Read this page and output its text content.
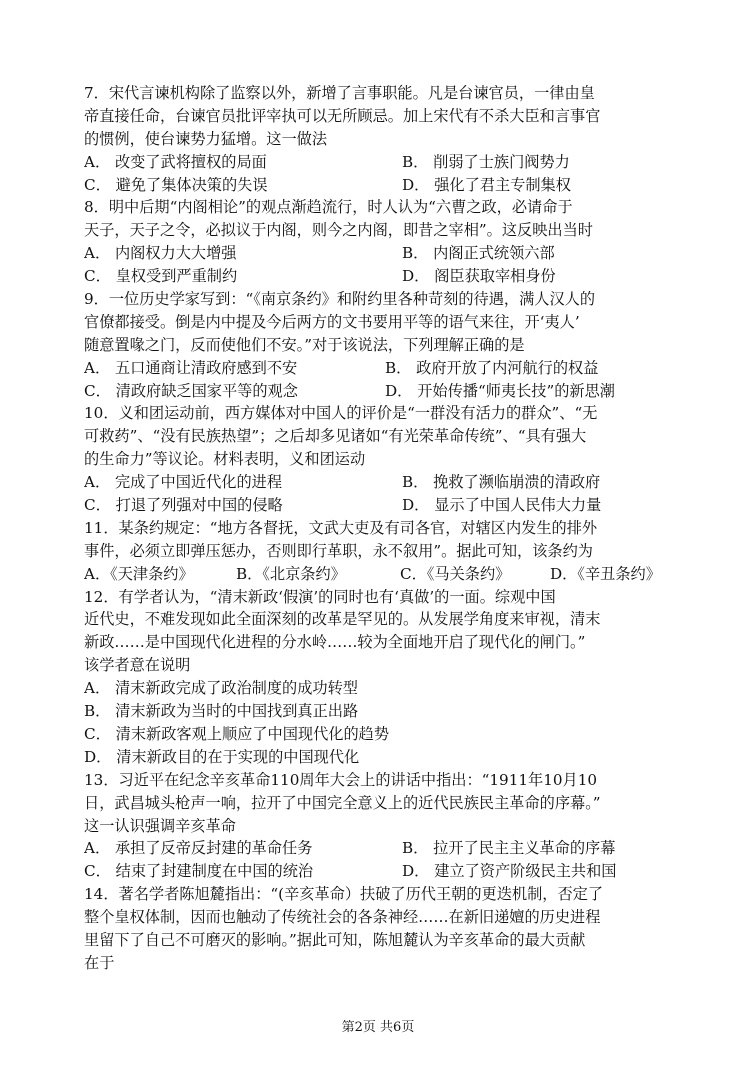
7．宋代言谏机构除了监察以外，新增了言事职能。凡是台谏官员，一律由皇
帝直接任命，台谏官员批评宰执可以无所顾忌。加上宋代有不杀大臣和言事官
的惯例，使台谏势力猛增。这一做法
A． 改变了武将擅权的局面	B． 削弱了士族门阀势力
C． 避免了集体决策的失误	D． 强化了君主专制集权
8．明中后期“内阁相论”的观点渐趋流行，时人认为“六曹之政，必请命于
天子，天子之令，必拟议于内阁，则今之内阁，即昔之宰相”。这反映出当时
A． 内阁权力大大增强	B． 内阁正式统领六部
C． 皇权受到严重制约	D． 阁臣获取宰相身份
9．一位历史学家写到：“《南京条约》和附约里各种苛刻的待遇，满人汉人的
官僚都接受。倒是内中提及今后两方的文书要用平等的语气来往，开‘夷人’
随意置喙之门，反而使他们不安。”对于该说法，下列理解正确的是
A． 五口通商让清政府感到不安	B． 政府开放了内河航行的权益
C． 清政府缺乏国家平等的观念	D． 开始传播“师夷长技”的新思潮
10．义和团运动前，西方媒体对中国人的评价是“一群没有活力的群众”、“无
可救药”、“没有民族热望”；之后却多见诸如“有光荣革命传统”、“具有强大
的生命力”等议论。材料表明，义和团运动
A． 完成了中国近代化的进程	B． 挽救了濒临崩溃的清政府
C． 打退了列强对中国的侵略	D． 显示了中国人民伟大力量
11．某条约规定：“地方各督抚，文武大吏及有司各官，对辖区内发生的排外
事件，必须立即弹压惩办，否则即行革职，永不叙用”。据此可知，该条约为
A．《天津条约》	B．《北京条约》	C．《马关条约》	D．《辛丑条约》
12．有学者认为，“清末新政‘假演’的同时也有‘真做’的一面。综观中国
近代史，不难发现如此全面深刻的改革是罕见的。从发展学角度来审视，清末
新政……是中国现代化进程的分水岭……较为全面地开启了现代化的闸门。”
该学者意在说明
A． 清末新政完成了政治制度的成功转型
B． 清末新政为当时的中国找到真正出路
C． 清末新政客观上顺应了中国现代化的趋势
D． 清末新政目的在于实现的中国现代化
13．习近平在纪念辛亥革命110周年大会上的讲话中指出：“1911年10月10
日，武昌城头枪声一响，拉开了中国完全意义上的近代民族民主革命的序幕。”
这一认识强调辛亥革命
A． 承担了反帝反封建的革命任务	B． 拉开了民主主义革命的序幕
C． 结束了封建制度在中国的统治	D． 建立了资产阶级民主共和国
14．著名学者陈旭麓指出：“(辛亥革命）扶破了历代王朝的更迭机制，否定了
整个皇权体制，因而也触动了传统社会的各条神经……在新旧递嬗的历史进程
里留下了自己不可磨灭的影响。”据此可知，陈旭麓认为辛亥革命的最大贡献
在于
第2页 共6页
